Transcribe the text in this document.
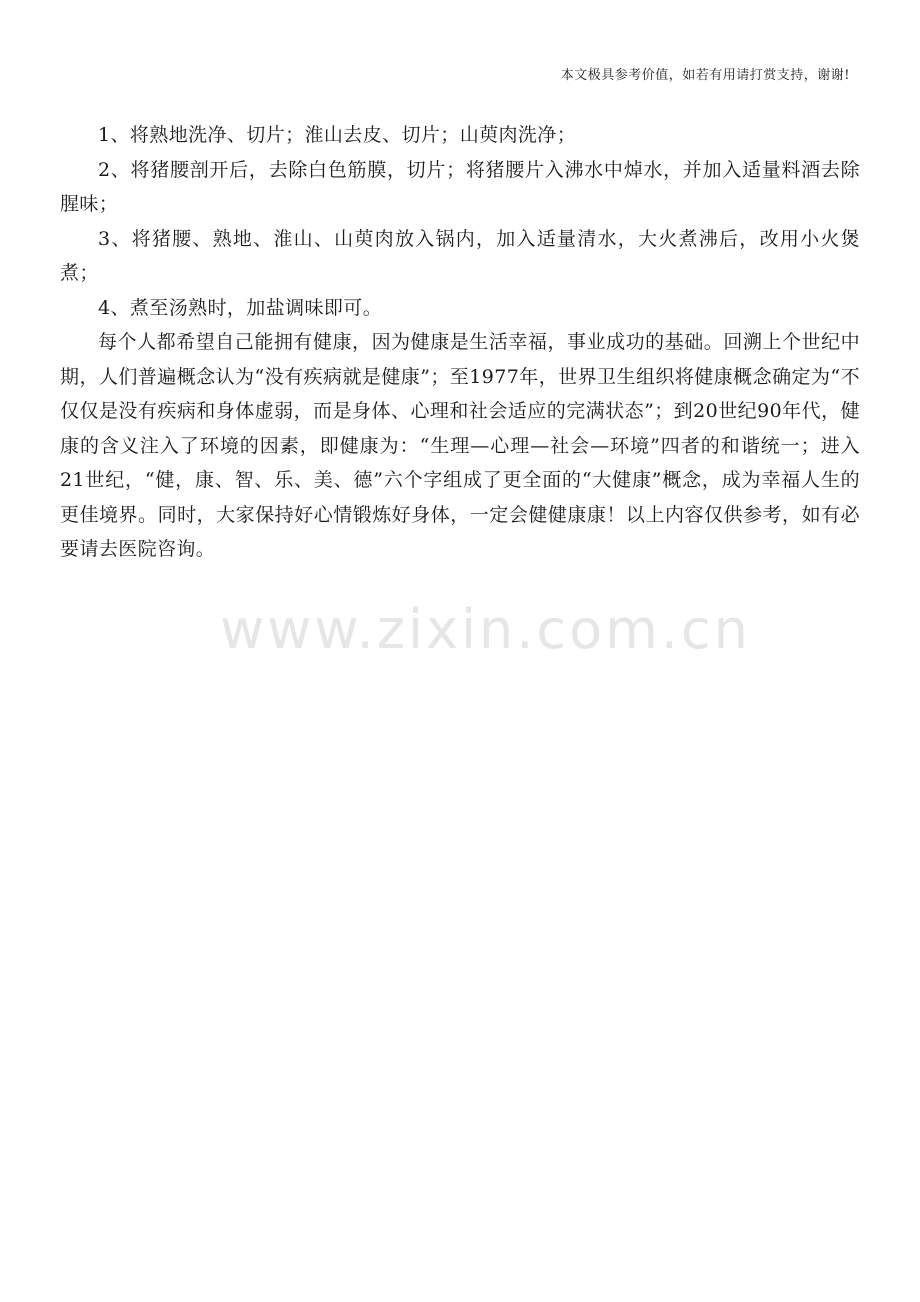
本文极具参考价值，如若有用请打赏支持，谢谢!
www.zixin.com.cn

1、将熟地洗净、切片；淮山去皮、切片；山萸肉洗净；

2、将猪腰剖开后，去除白色筋膜，切片；将猪腰片入沸水中焯水，并加入适量料酒去除腥味；

3、将猪腰、熟地、淮山、山萸肉放入锅内，加入适量清水，大火煮沸后，改用小火煲煮；

4、煮至汤熟时，加盐调味即可。

每个人都希望自己能拥有健康，因为健康是生活幸福，事业成功的基础。回溯上个世纪中期，人们普遍概念认为“没有疾病就是健康”；至1977年，世界卫生组织将健康概念确定为“不仅仅是没有疾病和身体虚弱，而是身体、心理和社会适应的完满状态”；到20世纪90年代，健康的含义注入了环境的因素，即健康为：“生理—心理—社会—环境”四者的和谐统一；进入21世纪，“健，康、智、乐、美、德”六个字组成了更全面的“大健康”概念，成为幸福人生的更佳境界。同时，大家保持好心情锻炼好身体，一定会健健康康！以上内容仅供参考，如有必要请去医院咨询。
